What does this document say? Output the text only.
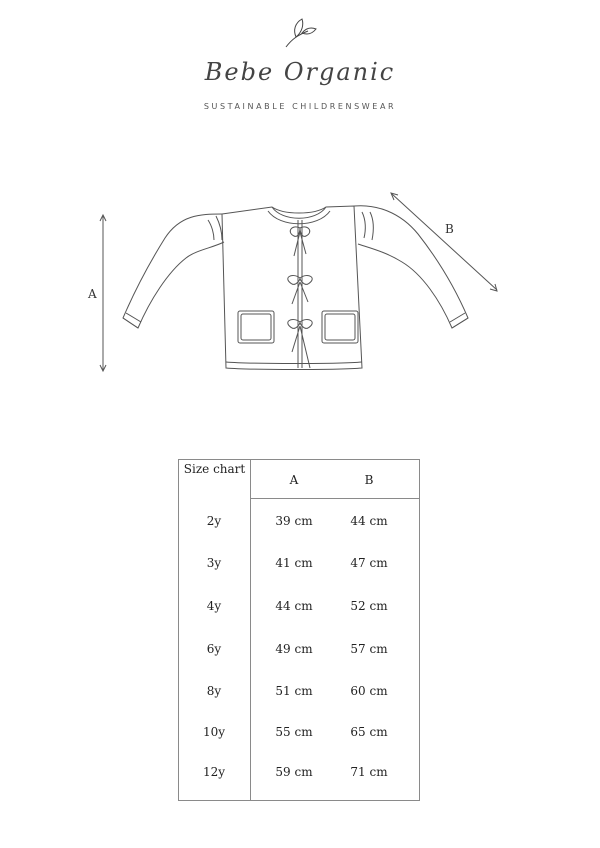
Bebe Organic
SUSTAINABLE CHILDRENSWEAR
A
B
Size chart
A	B
2y	39 cm	44 cm
3y	41 cm	47 cm
4y	44 cm	52 cm
6y	49 cm	57 cm
8y	51 cm	60 cm
10y	55 cm	65 cm
12y	59 cm	71 cm
